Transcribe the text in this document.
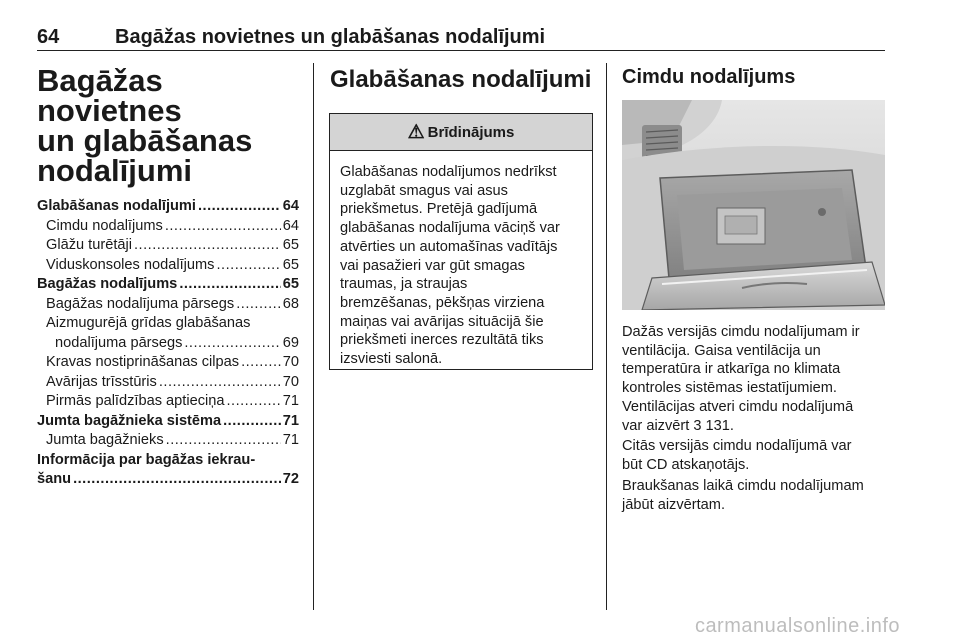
64	Bagāžas novietnes un glabāšanas nodalījumi
Bagāžas novietnes
un glabāšanas
nodalījumi
Glabāšanas nodalījumi .....	64
Cimdu nodalījums .....	64
Glāžu turētāji .....	65
Viduskonsoles nodalījums .....	65
Bagāžas nodalījums .....	65
Bagāžas nodalījuma pārsegs .....	68
Aizmugurējā grīdas glabāšanas
nodalījuma pārsegs .....	69
Kravas nostiprināšanas cilpas .....	70
Avārijas trīsstūris .....	70
Pirmās palīdzības aptieciņa .....	71
Jumta bagāžnieka sistēma .....	71
Jumta bagāžnieks .....	71
Informācija par bagāžas iekrau-
šanu .....	72
Glabāšanas nodalījumi
⚠ Brīdinājums

Glabāšanas nodalījumos nedrīkst
uzglabāt smagus vai asus
priekšmetus. Pretējā gadījumā
glabāšanas nodalījuma vāciņš var
atvērties un automašīnas vadītājs
vai pasažieri var gūt smagas
traumas, ja straujas
bremzēšanas, pēkšņas virziena
maiņas vai avārijas situācijā šie
priekšmeti inerces rezultātā tiks
izsviesti salonā.

Cimdu nodalījums

Dažās versijās cimdu nodalījumam ir
ventilācija. Gaisa ventilācija un
temperatūra ir atkarīga no klimata
kontroles sistēmas iestatījumiem.
Ventilācijas atveri cimdu nodalījumā
var aizvērt 3 131.

Citās versijās cimdu nodalījumā var
būt CD atskaņotājs.

Braukšanas laikā cimdu nodalījumam
jābūt aizvērtam.

carmanualsonline.info
